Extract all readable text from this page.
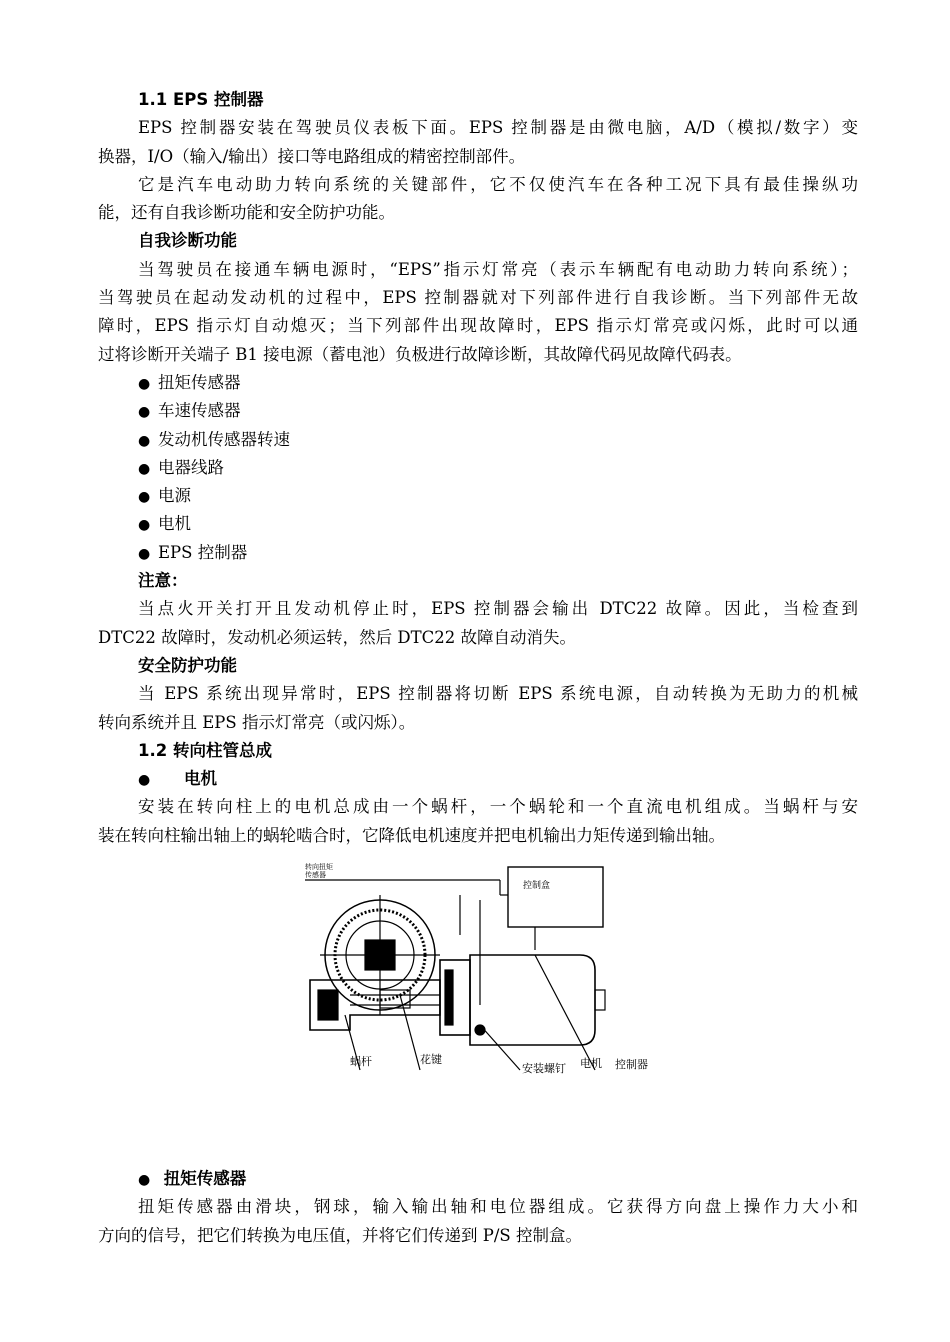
1.1 EPS 控制器
EPS 控制器安装在驾驶员仪表板下面。EPS 控制器是由微电脑，A/D（模拟/数字）变
换器，I/O（输入/输出）接口等电路组成的精密控制部件。
它是汽车电动助力转向系统的关键部件，它不仅使汽车在各种工况下具有最佳操纵功
能，还有自我诊断功能和安全防护功能。
自我诊断功能
当驾驶员在接通车辆电源时，“EPS”指示灯常亮（表示车辆配有电动助力转向系统）；
当驾驶员在起动发动机的过程中，EPS 控制器就对下列部件进行自我诊断。当下列部件无故
障时，EPS 指示灯自动熄灭；当下列部件出现故障时，EPS 指示灯常亮或闪烁，此时可以通
过将诊断开关端子 B1 接电源（蓄电池）负极进行故障诊断，其故障代码见故障代码表。
● 扭矩传感器
● 车速传感器
● 发动机传感器转速
● 电器线路
● 电源
● 电机
● EPS 控制器
注意：
当点火开关打开且发动机停止时，EPS 控制器会输出 DTC22 故障。因此，当检查到
DTC22 故障时，发动机必须运转，然后 DTC22 故障自动消失。
安全防护功能
当 EPS 系统出现异常时，EPS 控制器将切断 EPS 系统电源，自动转换为无助力的机械
转向系统并且 EPS 指示灯常亮（或闪烁）。
1.2 转向柱管总成
● 电机
安装在转向柱上的电机总成由一个蜗杆，一个蜗轮和一个直流电机组成。当蜗杆与安
装在转向柱输出轴上的蜗轮啮合时，它降低电机速度并把电机输出力矩传递到输出轴。
转向扭矩
传感器
控制盒
蜗杆	花键
安装螺钉 电机 控制器
● 扭矩传感器
扭矩传感器由滑块，钢球，输入输出轴和电位器组成。它获得方向盘上操作力大小和
方向的信号，把它们转换为电压值，并将它们传递到 P/S 控制盒。
